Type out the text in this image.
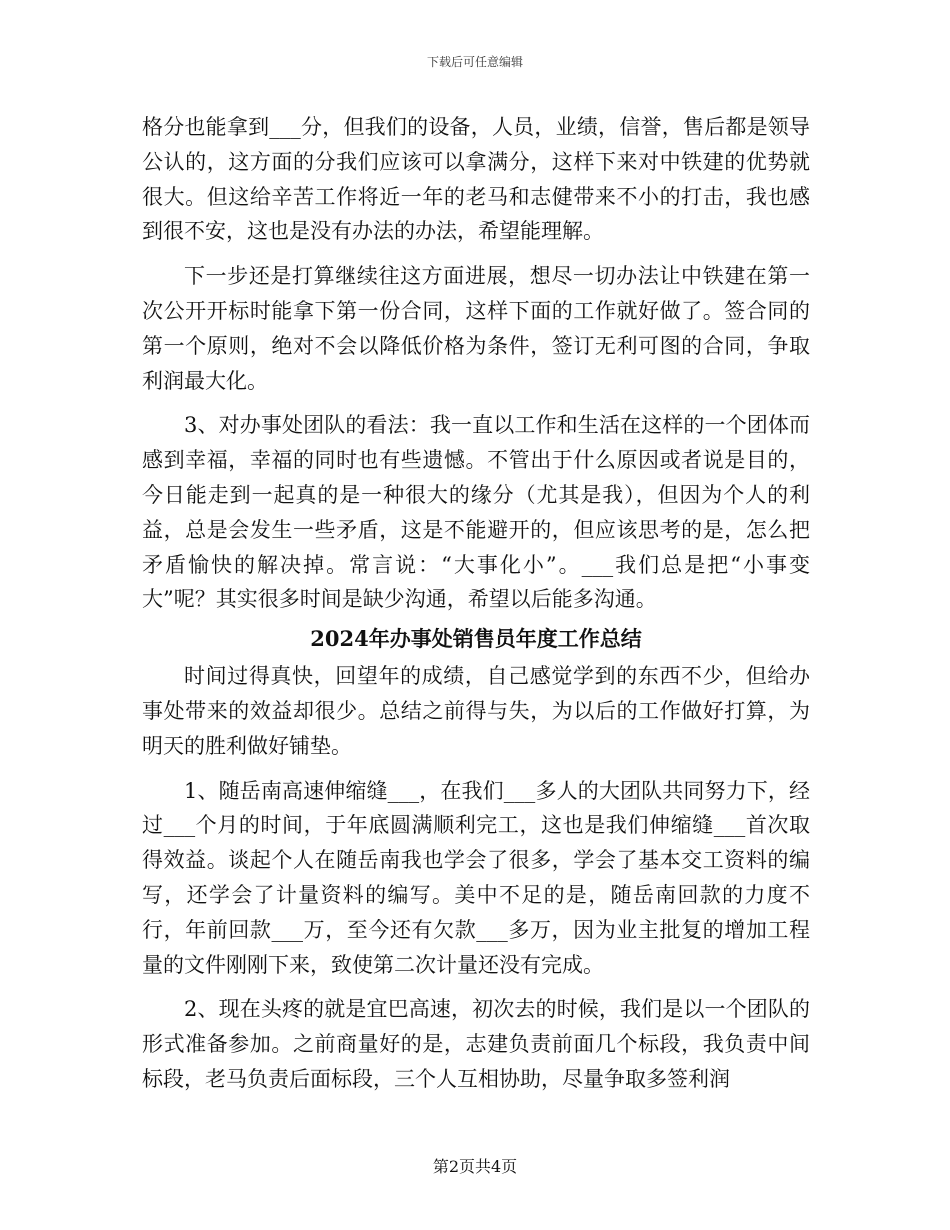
下载后可任意编辑

格分也能拿到___分，但我们的设备，人员，业绩，信誉，售后都是领导公认的，这方面的分我们应该可以拿满分，这样下来对中铁建的优势就很大。但这给辛苦工作将近一年的老马和志健带来不小的打击，我也感到很不安，这也是没有办法的办法，希望能理解。

下一步还是打算继续往这方面进展，想尽一切办法让中铁建在第一次公开开标时能拿下第一份合同，这样下面的工作就好做了。签合同的第一个原则，绝对不会以降低价格为条件，签订无利可图的合同，争取利润最大化。

3、对办事处团队的看法：我一直以工作和生活在这样的一个团体而感到幸福，幸福的同时也有些遗憾。不管出于什么原因或者说是目的，今日能走到一起真的是一种很大的缘分（尤其是我），但因为个人的利益，总是会发生一些矛盾，这是不能避开的，但应该思考的是，怎么把矛盾愉快的解决掉。常言说：“大事化小”。___我们总是把“小事变大”呢？其实很多时间是缺少沟通，希望以后能多沟通。

2024年办事处销售员年度工作总结

时间过得真快，回望年的成绩，自己感觉学到的东西不少，但给办事处带来的效益却很少。总结之前得与失，为以后的工作做好打算，为明天的胜利做好铺垫。

1、随岳南高速伸缩缝___，在我们___多人的大团队共同努力下，经过___个月的时间，于年底圆满顺利完工，这也是我们伸缩缝___首次取得效益。谈起个人在随岳南我也学会了很多，学会了基本交工资料的编写，还学会了计量资料的编写。美中不足的是，随岳南回款的力度不行，年前回款___万，至今还有欠款___多万，因为业主批复的增加工程量的文件刚刚下来，致使第二次计量还没有完成。

2、现在头疼的就是宜巴高速，初次去的时候，我们是以一个团队的形式准备参加。之前商量好的是，志建负责前面几个标段，我负责中间标段，老马负责后面标段，三个人互相协助，尽量争取多签利润

第2页共4页
